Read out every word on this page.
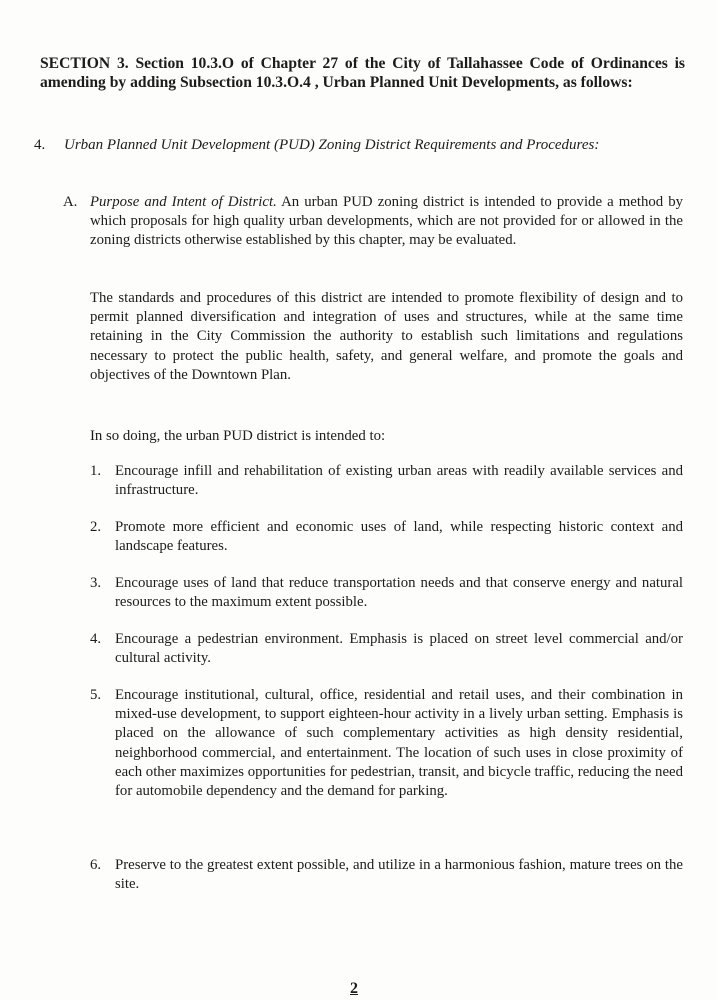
SECTION 3. Section 10.3.O of Chapter 27 of the City of Tallahassee Code of Ordinances is amending by adding Subsection 10.3.O.4 , Urban Planned Unit Developments, as follows:

4. Urban Planned Unit Development (PUD) Zoning District Requirements and Procedures:

A. Purpose and Intent of District. An urban PUD zoning district is intended to provide a method by which proposals for high quality urban developments, which are not provided for or allowed in the zoning districts otherwise established by this chapter, may be evaluated.

The standards and procedures of this district are intended to promote flexibility of design and to permit planned diversification and integration of uses and structures, while at the same time retaining in the City Commission the authority to establish such limitations and regulations necessary to protect the public health, safety, and general welfare, and promote the goals and objectives of the Downtown Plan.

In so doing, the urban PUD district is intended to:

1. Encourage infill and rehabilitation of existing urban areas with readily available services and infrastructure.
2. Promote more efficient and economic uses of land, while respecting historic context and landscape features.
3. Encourage uses of land that reduce transportation needs and that conserve energy and natural resources to the maximum extent possible.
4. Encourage a pedestrian environment. Emphasis is placed on street level commercial and/or cultural activity.
5. Encourage institutional, cultural, office, residential and retail uses, and their combination in mixed-use development, to support eighteen-hour activity in a lively urban setting. Emphasis is placed on the allowance of such complementary activities as high density residential, neighborhood commercial, and entertainment. The location of such uses in close proximity of each other maximizes opportunities for pedestrian, transit, and bicycle traffic, reducing the need for automobile dependency and the demand for parking.
6. Preserve to the greatest extent possible, and utilize in a harmonious fashion, mature trees on the site.
2
